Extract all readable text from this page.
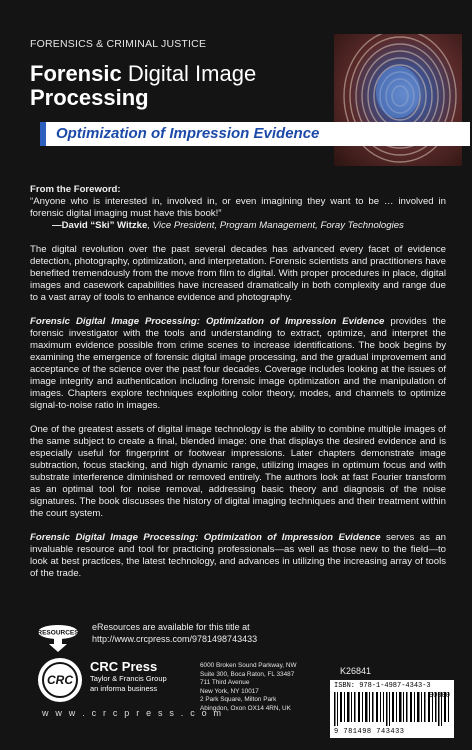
FORENSICS & CRIMINAL JUSTICE
Forensic Digital Image
Processing
Optimization of Impression Evidence
From the Foreword:
“Anyone who is interested in, involved in, or even imagining they want to be … involved in forensic digital imaging must have this book!”
—David “Ski” Witzke, Vice President, Program Management, Foray Technologies

The digital revolution over the past several decades has advanced every facet of evidence detection, photography, optimization, and interpretation. Forensic scientists and practitioners have benefited tremendously from the move from film to digital. With proper procedures in place, digital images and casework capabilities have increased dramatically in both complexity and range due to a vast array of tools to enhance evidence and photography.

Forensic Digital Image Processing: Optimization of Impression Evidence provides the forensic investigator with the tools and understanding to extract, optimize, and interpret the maximum evidence possible from crime scenes to increase identifications. The book begins by examining the emergence of forensic digital image processing, and the gradual improvement and acceptance of the science over the past four decades. Coverage includes looking at the issues of image integrity and authentication including forensic image optimization and the manipulation of images. Chapters explore techniques exploiting color theory, modes, and channels to optimize signal-to-noise ratio in images.

One of the greatest assets of digital image technology is the ability to combine multiple images of the same subject to create a final, blended image: one that displays the desired evidence and is especially useful for fingerprint or footwear impressions. Later chapters demonstrate image subtraction, focus stacking, and high dynamic range, utilizing images in optimum focus and with substrate interference diminished or removed entirely. The authors look at fast Fourier transform as an optimal tool for noise removal, addressing basic theory and diagnosis of the noise signatures. The book discusses the history of digital imaging techniques and their treatment within the court system.

Forensic Digital Image Processing: Optimization of Impression Evidence serves as an invaluable resource and tool for practicing professionals—as well as those new to the field—to look at best practices, the latest technology, and advances in utilizing the increasing array of tools of the trade.

RESOURCES
eResources are available for this title at
http://www.crcpress.com/9781498743433
K26841
CRC
CRC Press
Taylor & Francis Group
an informa business
6000 Broken Sound Parkway, NW
Suite 300, Boca Raton, FL 33487
711 Third Avenue
New York, NY 10017
2 Park Square, Milton Park
Abingdon, Oxon OX14 4RN, UK
w w w . c r c p r e s s . c o m
ISBN: 978-1-4987-4343-3
9 781498 743433
